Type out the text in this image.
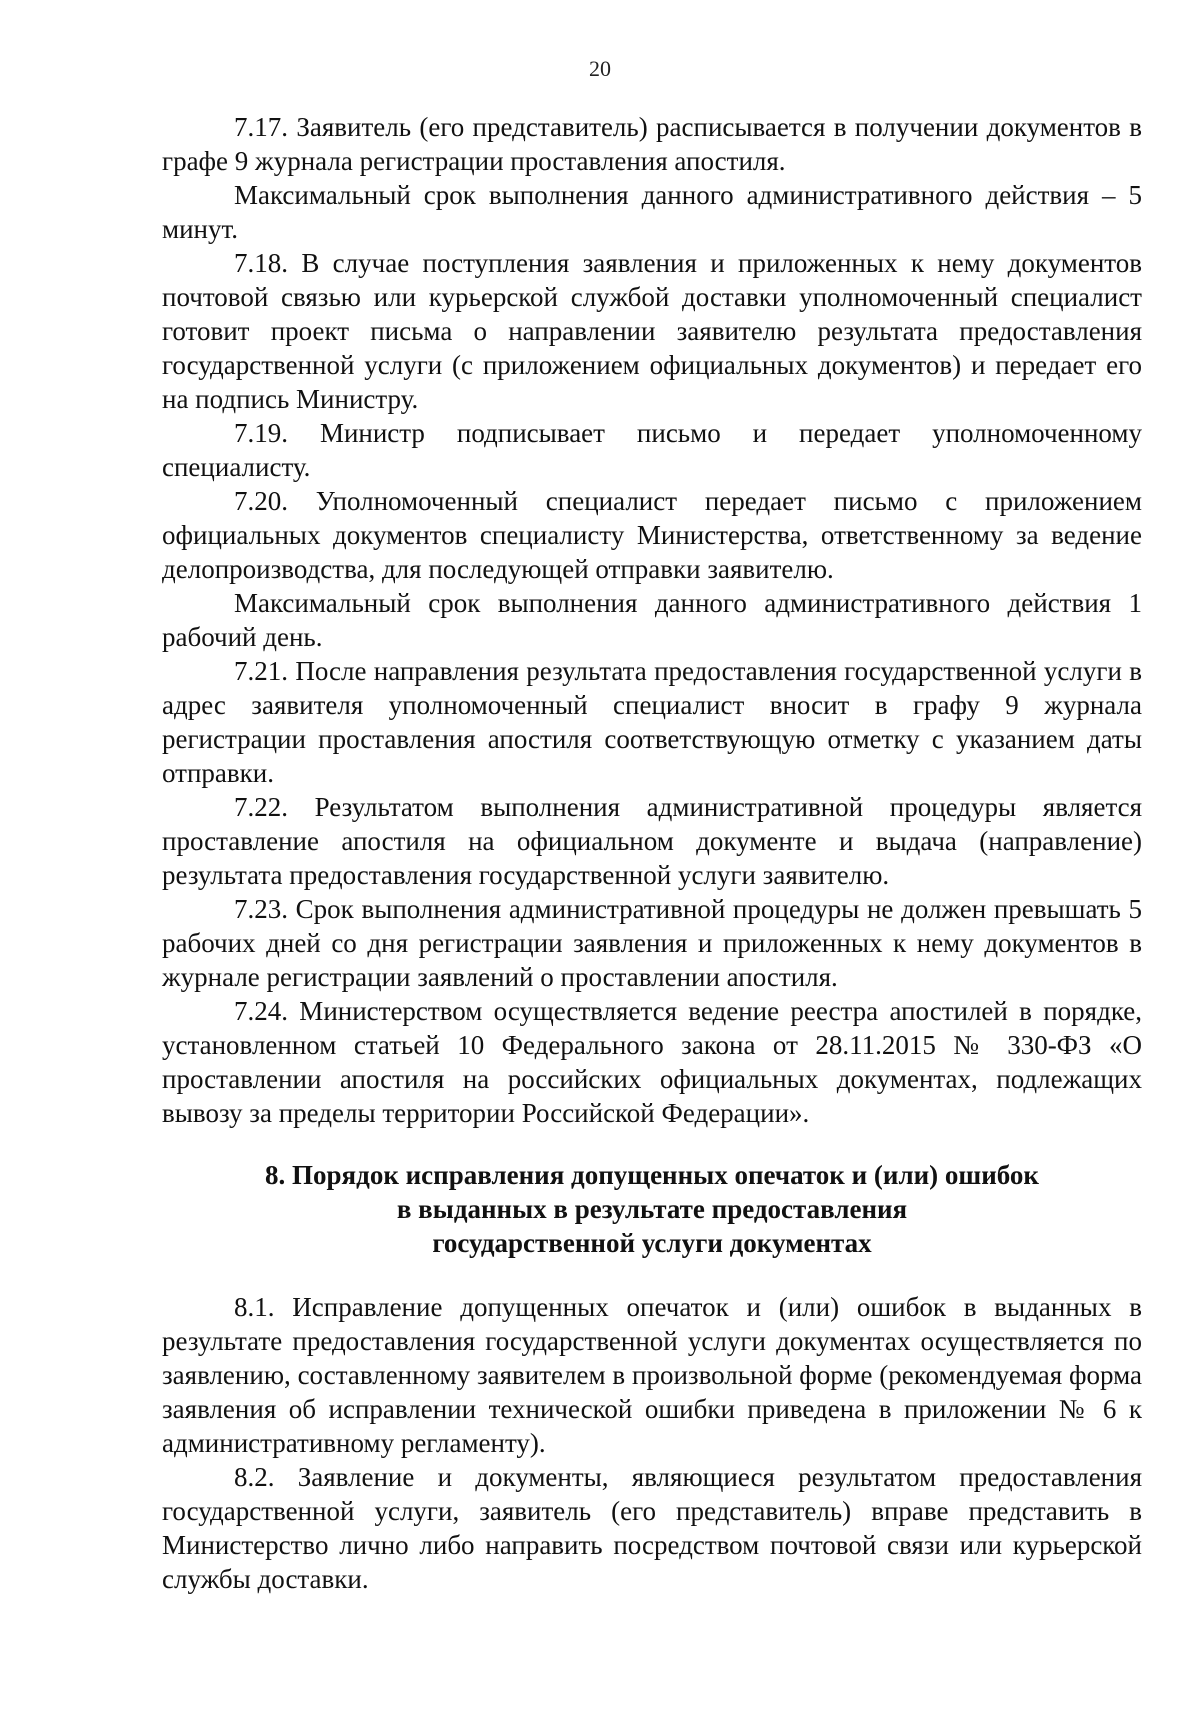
20

7.17. Заявитель (его представитель) расписывается в получении документов в графе 9 журнала регистрации проставления апостиля.

Максимальный срок выполнения данного административного действия – 5 минут.

7.18. В случае поступления заявления и приложенных к нему документов почтовой связью или курьерской службой доставки уполномоченный специалист готовит проект письма о направлении заявителю результата предоставления государственной услуги (с приложением официальных документов) и передает его на подпись Министру.

7.19. Министр подписывает письмо и передает уполномоченному специалисту.

7.20. Уполномоченный специалист передает письмо с приложением официальных документов специалисту Министерства, ответственному за ведение делопроизводства, для последующей отправки заявителю.

Максимальный срок выполнения данного административного действия 1 рабочий день.

7.21. После направления результата предоставления государственной услуги в адрес заявителя уполномоченный специалист вносит в графу 9 журнала регистрации проставления апостиля соответствующую отметку с указанием даты отправки.

7.22. Результатом выполнения административной процедуры является проставление апостиля на официальном документе и выдача (направление) результата предоставления государственной услуги заявителю.

7.23. Срок выполнения административной процедуры не должен превышать 5 рабочих дней со дня регистрации заявления и приложенных к нему документов в журнале регистрации заявлений о проставлении апостиля.

7.24. Министерством осуществляется ведение реестра апостилей в порядке, установленном статьей 10 Федерального закона от 28.11.2015 № 330-ФЗ «О проставлении апостиля на российских официальных документах, подлежащих вывозу за пределы территории Российской Федерации».

8. Порядок исправления допущенных опечаток и (или) ошибок
в выданных в результате предоставления
государственной услуги документах

8.1. Исправление допущенных опечаток и (или) ошибок в выданных в результате предоставления государственной услуги документах осуществляется по заявлению, составленному заявителем в произвольной форме (рекомендуемая форма заявления об исправлении технической ошибки приведена в приложении № 6 к административному регламенту).

8.2. Заявление и документы, являющиеся результатом предоставления государственной услуги, заявитель (его представитель) вправе представить в Министерство лично либо направить посредством почтовой связи или курьерской службы доставки.
